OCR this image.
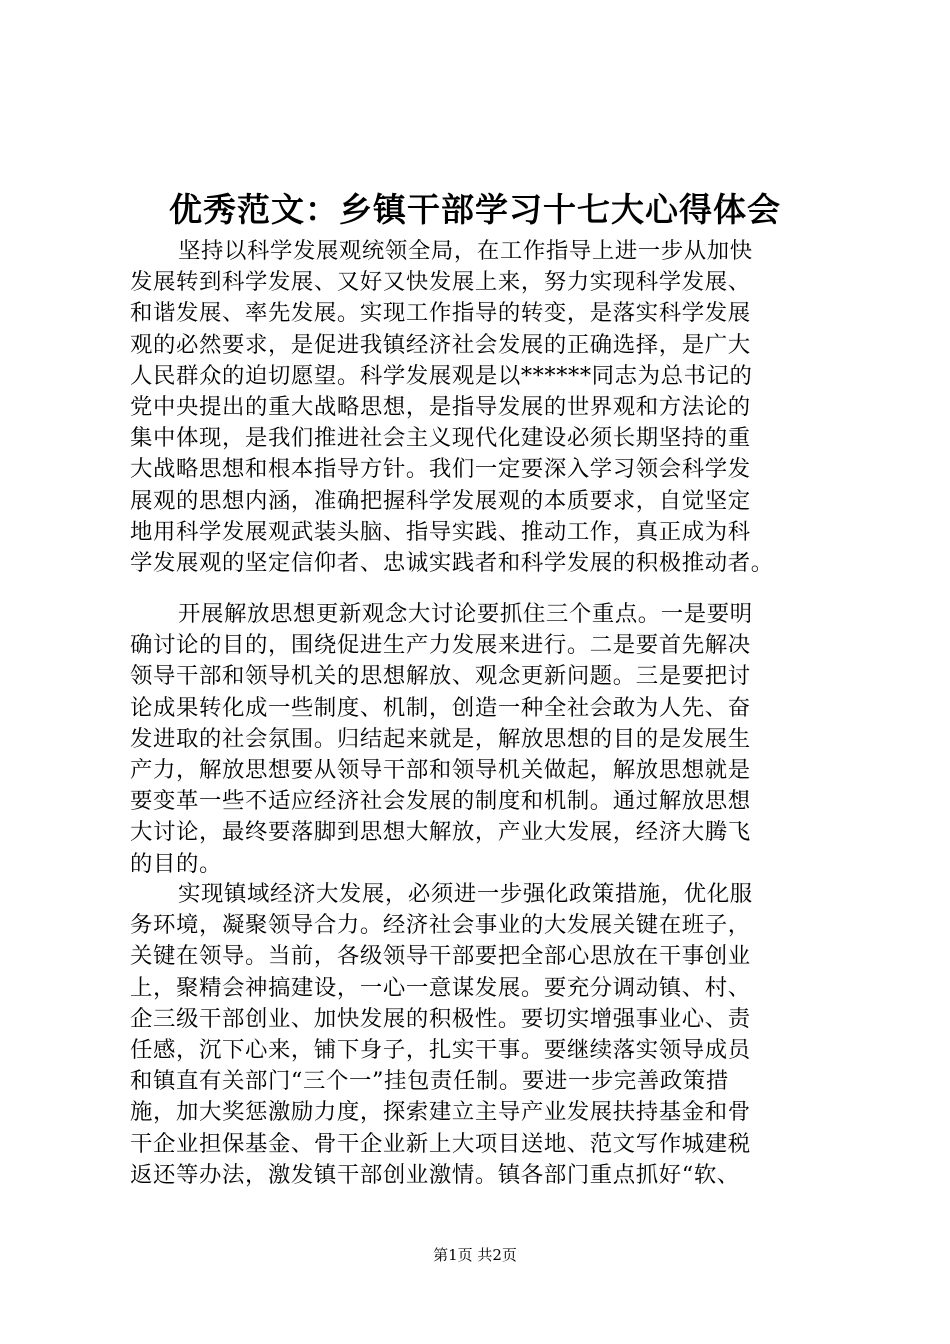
优秀范文：乡镇干部学习十七大心得体会
坚持以科学发展观统领全局，在工作指导上进一步从加快
发展转到科学发展、又好又快发展上来，努力实现科学发展、
和谐发展、率先发展。实现工作指导的转变，是落实科学发展
观的必然要求，是促进我镇经济社会发展的正确选择，是广大
人民群众的迫切愿望。科学发展观是以******同志为总书记的
党中央提出的重大战略思想，是指导发展的世界观和方法论的
集中体现，是我们推进社会主义现代化建设必须长期坚持的重
大战略思想和根本指导方针。我们一定要深入学习领会科学发
展观的思想内涵，准确把握科学发展观的本质要求，自觉坚定
地用科学发展观武装头脑、指导实践、推动工作，真正成为科
学发展观的坚定信仰者、忠诚实践者和科学发展的积极推动者。
开展解放思想更新观念大讨论要抓住三个重点。一是要明
确讨论的目的，围绕促进生产力发展来进行。二是要首先解决
领导干部和领导机关的思想解放、观念更新问题。三是要把讨
论成果转化成一些制度、机制，创造一种全社会敢为人先、奋
发进取的社会氛围。归结起来就是，解放思想的目的是发展生
产力，解放思想要从领导干部和领导机关做起，解放思想就是
要变革一些不适应经济社会发展的制度和机制。通过解放思想
大讨论，最终要落脚到思想大解放，产业大发展，经济大腾飞
的目的。
实现镇域经济大发展，必须进一步强化政策措施，优化服
务环境，凝聚领导合力。经济社会事业的大发展关键在班子，
关键在领导。当前，各级领导干部要把全部心思放在干事创业
上，聚精会神搞建设，一心一意谋发展。要充分调动镇、村、
企三级干部创业、加快发展的积极性。要切实增强事业心、责
任感，沉下心来，铺下身子，扎实干事。要继续落实领导成员
和镇直有关部门“三个一”挂包责任制。要进一步完善政策措
施，加大奖惩激励力度，探索建立主导产业发展扶持基金和骨
干企业担保基金、骨干企业新上大项目送地、范文写作城建税
返还等办法，激发镇干部创业激情。镇各部门重点抓好“软、
第1页 共2页
